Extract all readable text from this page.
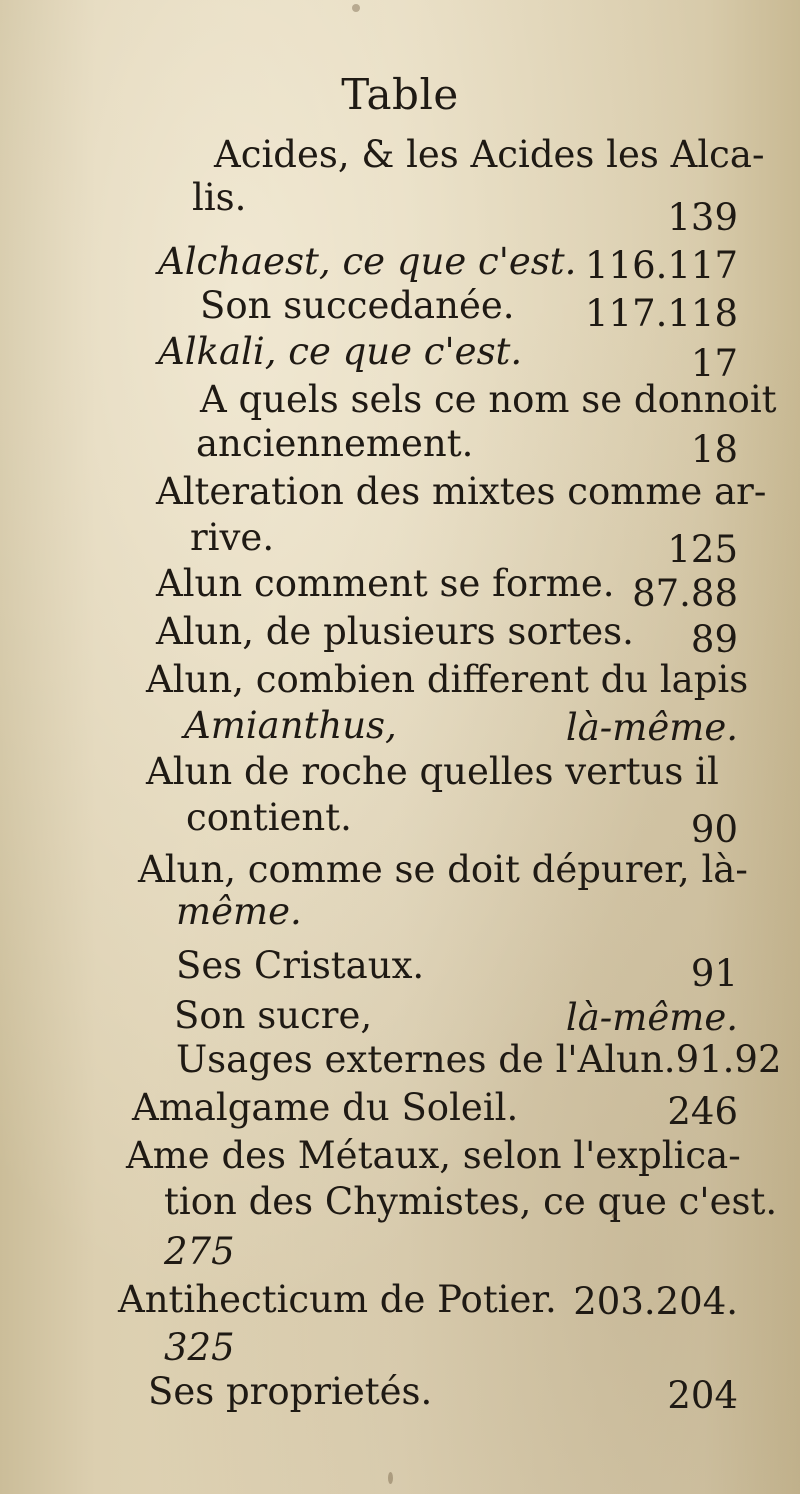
Table
Acides, & les Acides les Alca-
lis.	139
Alchaest, ce que c'est. 116.117
Son succedanée. 117.118
Alkali, ce que c'est.	17
A quels sels ce nom se donnoit
anciennement.	18
Alteration des mixtes comme ar-
rive.	125
Alun comment se forme. 87.88
Alun, de plusieurs sortes. 89
Alun, combien different du lapis
Amianthus,	là-même.
Alun de roche quelles vertus il
contient.	90
Alun, comme se doit dépurer, là-
même.
Ses Cristaux.	91
Son sucre,	là-même.
Usages externes de l'Alun.91.92
Amalgame du Soleil.	246
Ame des Métaux, selon l'explica-
tion des Chymistes, ce que c'est.
275
Antihecticum de Potier. 203.204.
325
Ses proprietés.	204
